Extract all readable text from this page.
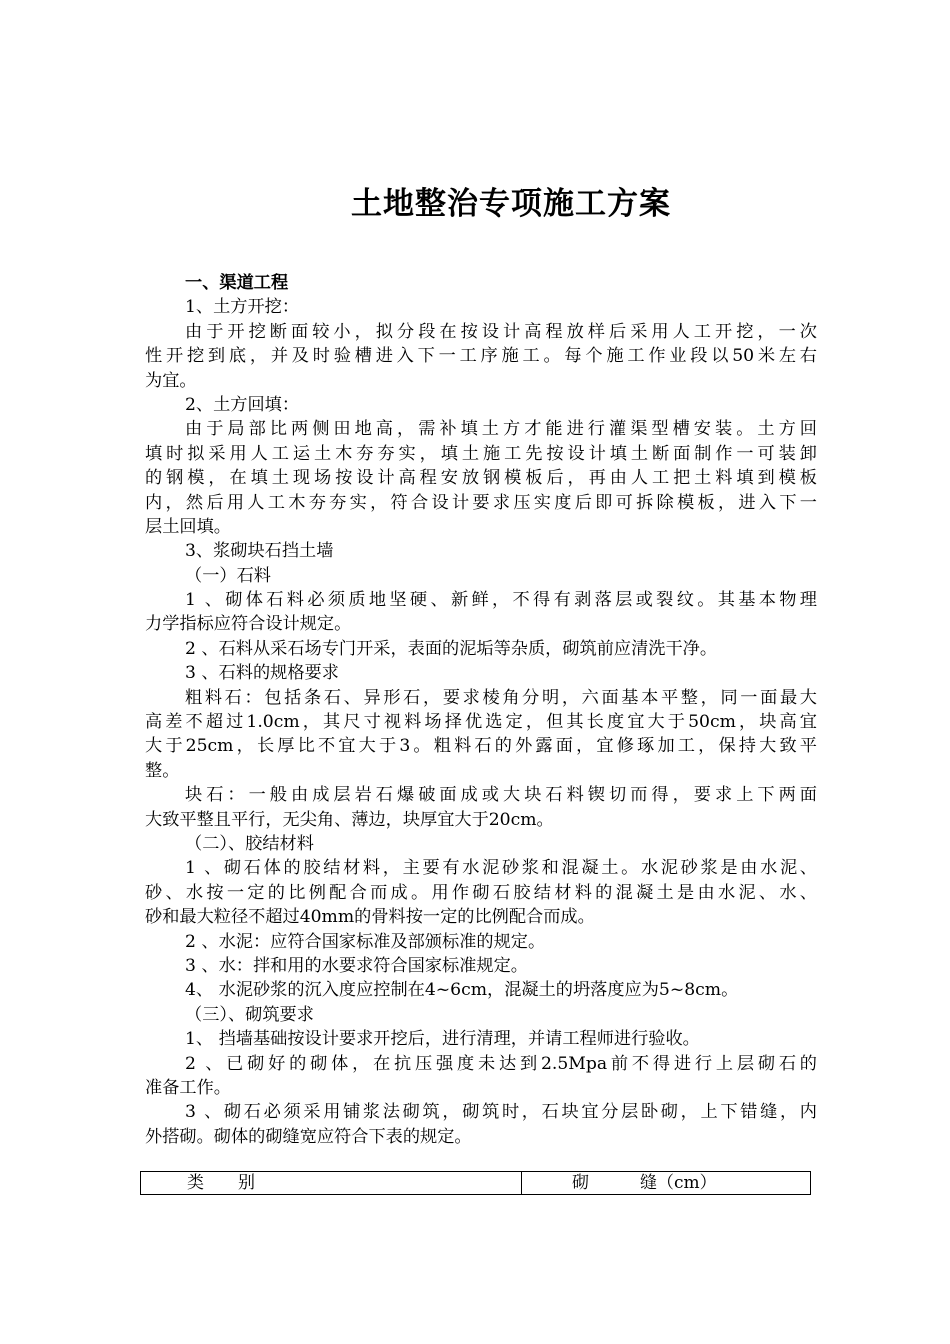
土地整治专项施工方案
一、渠道工程
1、土方开挖：
由于开挖断面较小，拟分段在按设计高程放样后采用人工开挖，一次
性开挖到底，并及时验槽进入下一工序施工。每个施工作业段以50米左右
为宜。
2、土方回填：
由于局部比两侧田地高，需补填土方才能进行灌渠型槽安装。土方回
填时拟采用人工运土木夯夯实，填土施工先按设计填土断面制作一可装卸
的钢模，在填土现场按设计高程安放钢模板后，再由人工把土料填到模板
内，然后用人工木夯夯实，符合设计要求压实度后即可拆除模板，进入下一
层土回填。
3、浆砌块石挡土墙
（一）石料
1 、砌体石料必须质地坚硬、新鲜，不得有剥落层或裂纹。其基本物理
力学指标应符合设计规定。
2 、石料从采石场专门开采，表面的泥垢等杂质，砌筑前应清洗干净。
3 、石料的规格要求
粗料石：包括条石、异形石，要求棱角分明，六面基本平整，同一面最大
高差不超过1.0cm，其尺寸视料场择优选定，但其长度宜大于50cm，块高宜
大于25cm，长厚比不宜大于3。粗料石的外露面，宜修琢加工，保持大致平
整。
块石：一般由成层岩石爆破面成或大块石料锲切而得，要求上下两面
大致平整且平行，无尖角、薄边，块厚宜大于20cm。
（二）、胶结材料
1 、砌石体的胶结材料，主要有水泥砂浆和混凝土。水泥砂浆是由水泥、
砂、水按一定的比例配合而成。用作砌石胶结材料的混凝土是由水泥、水、
砂和最大粒径不超过40mm的骨料按一定的比例配合而成。
2 、水泥：应符合国家标准及部颁标准的规定。
3 、水：拌和用的水要求符合国家标准规定。
4、 水泥砂浆的沉入度应控制在4~6cm，混凝土的坍落度应为5~8cm。
（三）、砌筑要求
1、 挡墙基础按设计要求开挖后，进行清理，并请工程师进行验收。
2 、已砌好的砌体，在抗压强度未达到2.5Mpa前不得进行上层砌石的
准备工作。
3 、砌石必须采用铺浆法砌筑，砌筑时，石块宜分层卧砌，上下错缝，内
外搭砌。砌体的砌缝宽应符合下表的规定。
类　　别	砌　　　缝（cm）
